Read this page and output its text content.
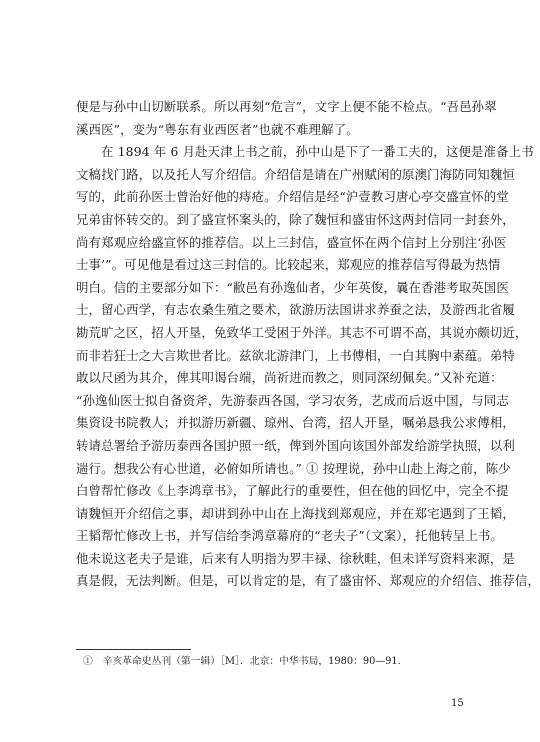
便是与孙中山切断联系。所以再刻“危言”，文字上便不能不检点。“吾邑孙翠
溪西医”，变为“粤东有业西医者”也就不难理解了。
在 1894 年 6 月赴天津上书之前，孙中山是下了一番工夫的，这便是准备上书
文稿找门路，以及托人写介绍信。介绍信是请在广州赋闲的原澳门海防同知魏恒
写的，此前孙医士曾治好他的痔疮。介绍信是经“沪壹教习唐心亭交盛宣怀的堂
兄弟宙怀转交的。到了盛宣怀案头的，除了魏恒和盛宙怀这两封信同一封套外，
尚有郑观应给盛宣怀的推荐信。以上三封信，盛宣怀在两个信封上分别注‘孙医
士事’”。可见他是看过这三封信的。比较起来，郑观应的推荐信写得最为热情
明白。信的主要部分如下：“敝邑有孙逸仙者，少年英俊，曩在香港考取英国医
士，留心西学，有志农桑生殖之要术，欲游历法国讲求养蚕之法，及游西北省履
勘荒旷之区，招人开垦，免致华工受困于外洋。其志不可谓不高，其说亦颇切近，
而非若狂士之大言欺世者比。兹欲北游津门，上书傅相，一白其胸中素蕴。弟特
敢以尺函为其介，俾其叩谒台端，尚祈进而教之，则同深纫佩矣。”又补充道：
“孙逸仙医士拟自备资斧，先游泰西各国，学习农务，艺成而后返中国，与同志
集资设书院教人；并拟游历新疆、琼州、台湾，招人开垦，嘱弟恳我公求傅相，
转请总署给予游历泰西各国护照一纸，俾到外国向该国外部发给游学执照，以利
遄行。想我公有心世道，必俯如所请也。” ① 按理说，孙中山赴上海之前，陈少
白曾帮忙修改《上李鸿章书》，了解此行的重要性，但在他的回忆中，完全不提
请魏恒开介绍信之事，却讲到孙中山在上海找到郑观应，并在郑宅遇到了王韬，
王韬帮忙修改上书，并写信给李鸿章幕府的“老夫子”（文案），托他转呈上书。
他未说这老夫子是谁，后来有人明指为罗丰禄、徐秋畦，但未详写资料来源，是
真是假，无法判断。但是，可以肯定的是，有了盛宙怀、郑观应的介绍信、推荐信，
①　辛亥革命史丛刊（第一辑）［M］．北京：中华书局，1980：90—91.
15
